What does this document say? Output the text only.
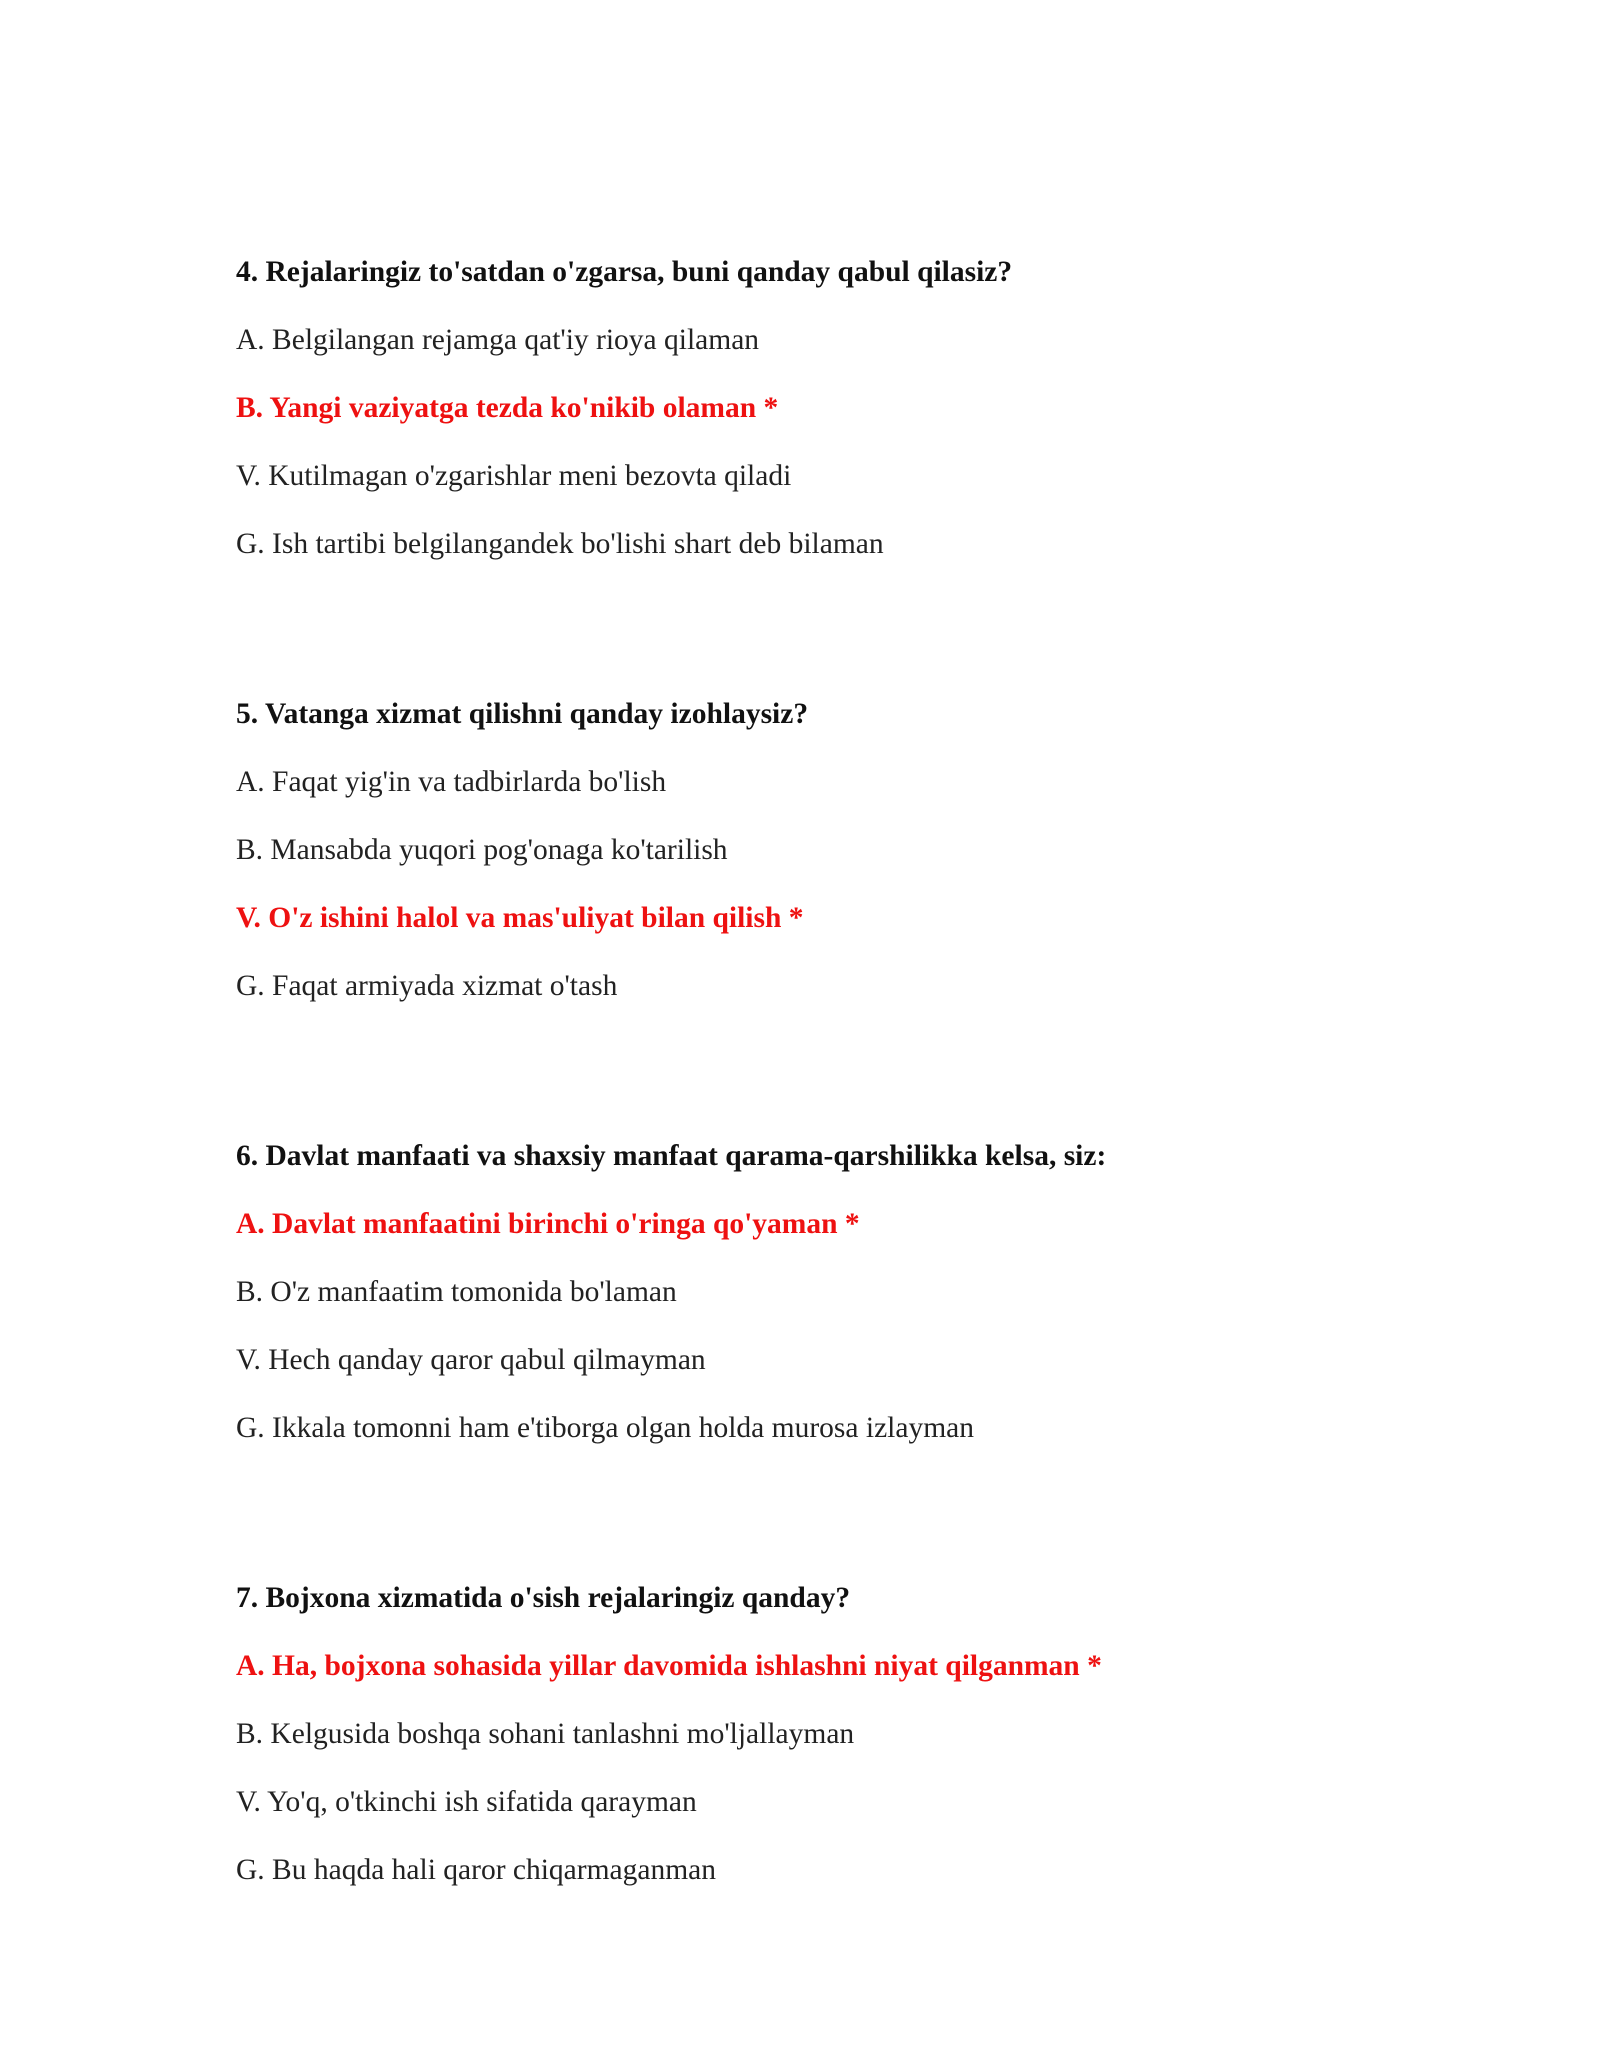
4. Rejalaringiz to'satdan o'zgarsa, buni qanday qabul qilasiz?
A. Belgilangan rejamga qat'iy rioya qilaman
B. Yangi vaziyatga tezda ko'nikib olaman *
V. Kutilmagan o'zgarishlar meni bezovta qiladi
G. Ish tartibi belgilangandek bo'lishi shart deb bilaman
5. Vatanga xizmat qilishni qanday izohlaysiz?
A. Faqat yig'in va tadbirlarda bo'lish
B. Mansabda yuqori pog'onaga ko'tarilish
V. O'z ishini halol va mas'uliyat bilan qilish *
G. Faqat armiyada xizmat o'tash
6. Davlat manfaati va shaxsiy manfaat qarama-qarshilikka kelsa, siz:
A. Davlat manfaatini birinchi o'ringa qo'yaman *
B. O'z manfaatim tomonida bo'laman
V. Hech qanday qaror qabul qilmayman
G. Ikkala tomonni ham e'tiborga olgan holda murosa izlayman
7. Bojxona xizmatida o'sish rejalaringiz qanday?
A. Ha, bojxona sohasida yillar davomida ishlashni niyat qilganman *
B. Kelgusida boshqa sohani tanlashni mo'ljallayman
V. Yo'q, o'tkinchi ish sifatida qarayman
G. Bu haqda hali qaror chiqarmaganman
